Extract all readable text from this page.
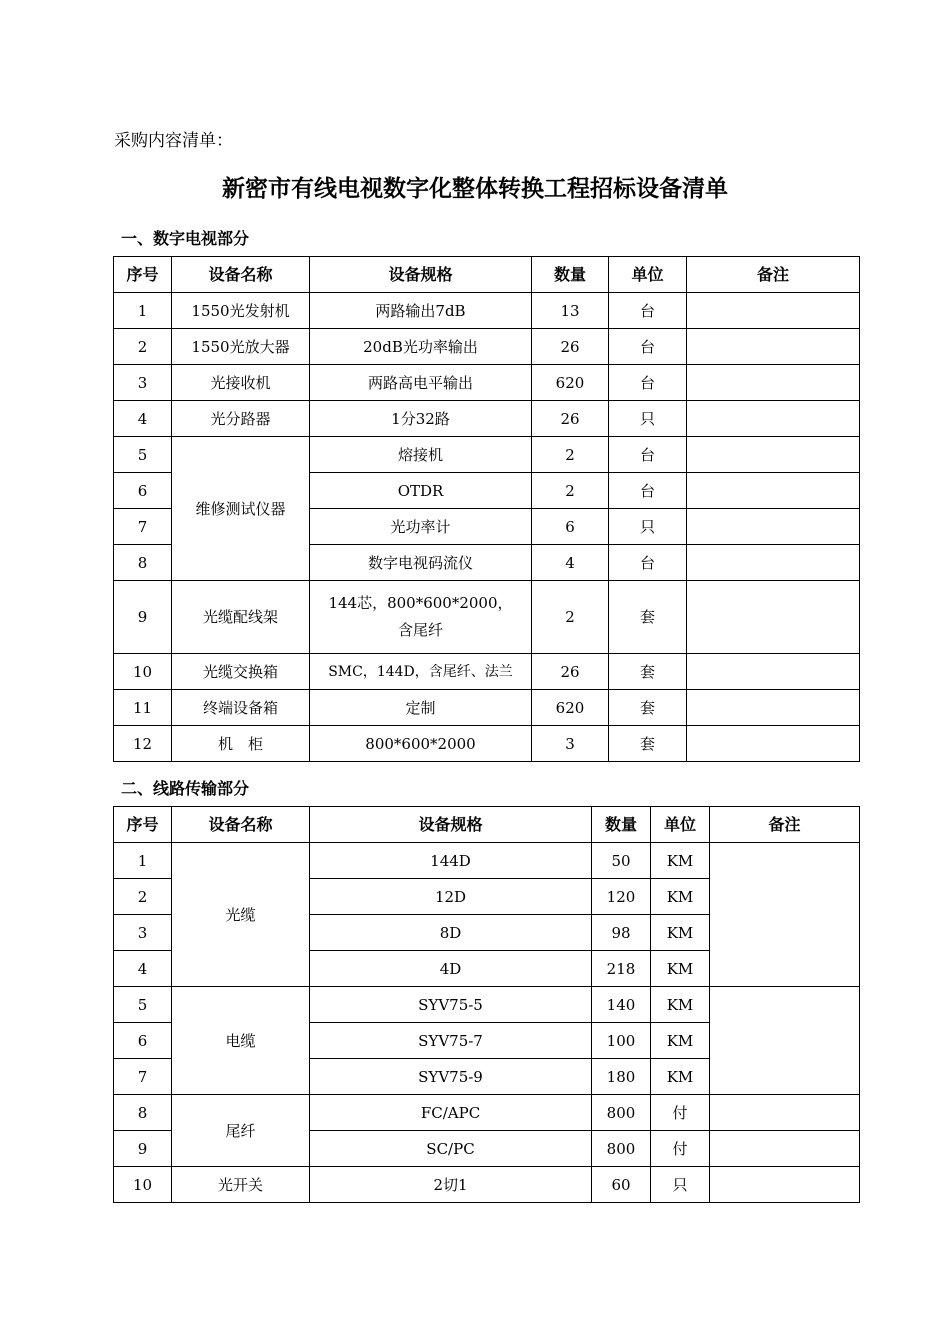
采购内容清单：
新密市有线电视数字化整体转换工程招标设备清单
一、数字电视部分
序号	设备名称	设备规格	数量	单位	备注
1	1550光发射机	两路输出7dB	13	台	
2	1550光放大器	20dB光功率输出	26	台	
3	光接收机	两路高电平输出	620	台	
4	光分路器	1分32路	26	只	
5	维修测试仪器	熔接机	2	台	
6		OTDR	2	台	
7		光功率计	6	只	
8		数字电视码流仪	4	台	
9	光缆配线架	144芯，800*600*2000，
含尾纤	2	套	
10	光缆交换箱	SMC，144D，含尾纤、法兰	26	套	
11	终端设备箱	定制	620	套	
12	机　柜	800*600*2000	3	套	
二、线路传输部分
序号	设备名称	设备规格	数量	单位	备注
1	光缆	144D	50	KM	
2		12D	120	KM	
3		8D	98	KM	
4		4D	218	KM	
5	电缆	SYV75-5	140	KM	
6		SYV75-7	100	KM	
7		SYV75-9	180	KM	
8	尾纤	FC/APC	800	付	
9		SC/PC	800	付	
10	光开关	2切1	60	只	
